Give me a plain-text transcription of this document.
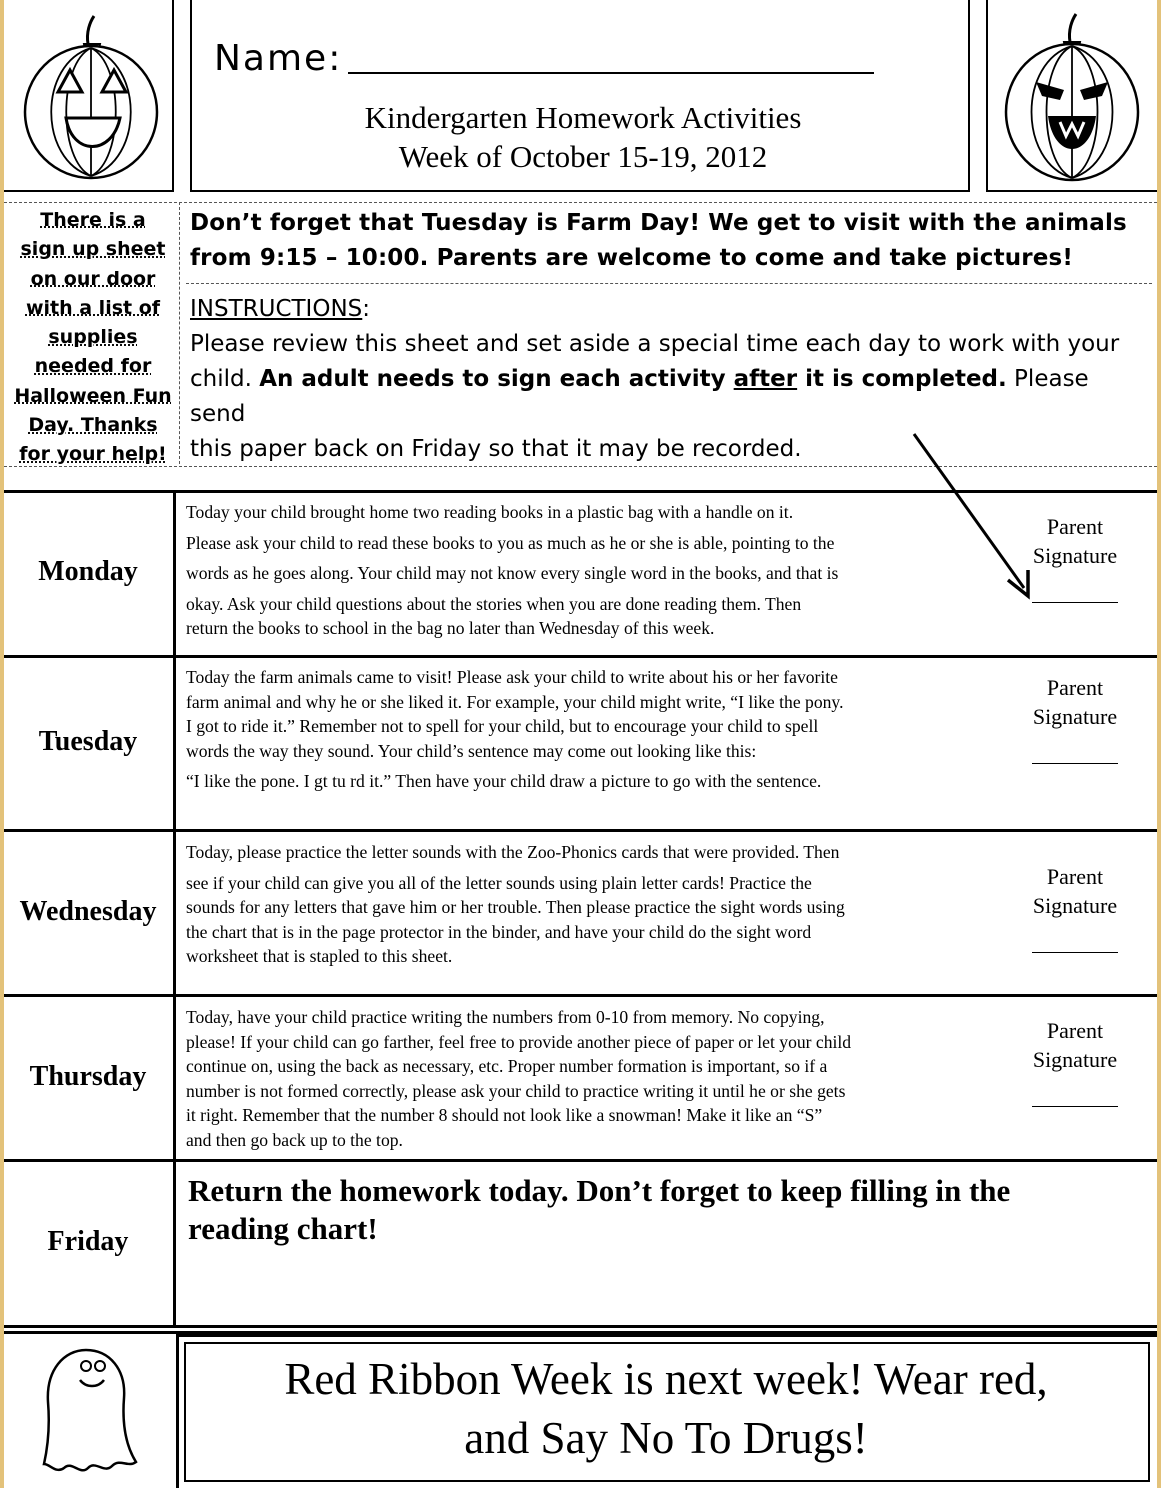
Name:
Kindergarten Homework Activities
Week of October 15-19, 2012
There is a
sign up sheet
on our door
with a list of
supplies
needed for
Halloween Fun
Day. Thanks
for your help!
Don’t forget that Tuesday is Farm Day! We get to visit with the animals
from 9:15 – 10:00. Parents are welcome to come and take pictures!
INSTRUCTIONS:
Please review this sheet and set aside a special time each day to work with your
child. An adult needs to sign each activity after it is completed. Please send
this paper back on Friday so that it may be recorded.
Monday
Today your child brought home two reading books in a plastic bag with a handle on it.
Please ask your child to read these books to you as much as he or she is able, pointing to the
words as he goes along. Your child may not know every single word in the books, and that is
okay. Ask your child questions about the stories when you are done reading them. Then
return the books to school in the bag no later than Wednesday of this week.
Parent
Signature
Tuesday
Today the farm animals came to visit! Please ask your child to write about his or her favorite
farm animal and why he or she liked it. For example, your child might write, “I like the pony.
I got to ride it.” Remember not to spell for your child, but to encourage your child to spell
words the way they sound. Your child’s sentence may come out looking like this:
“I like the pone. I gt tu rd it.” Then have your child draw a picture to go with the sentence.
Parent
Signature
Wednesday
Today, please practice the letter sounds with the Zoo-Phonics cards that were provided. Then
see if your child can give you all of the letter sounds using plain letter cards! Practice the
sounds for any letters that gave him or her trouble. Then please practice the sight words using
the chart that is in the page protector in the binder, and have your child do the sight word
worksheet that is stapled to this sheet.
Parent
Signature
Thursday
Today, have your child practice writing the numbers from 0-10 from memory. No copying,
please! If your child can go farther, feel free to provide another piece of paper or let your child
continue on, using the back as necessary, etc. Proper number formation is important, so if a
number is not formed correctly, please ask your child to practice writing it until he or she gets
it right. Remember that the number 8 should not look like a snowman! Make it like an “S”
and then go back up to the top.
Parent
Signature
Friday
Return the homework today. Don’t forget to keep filling in the
reading chart!
Red Ribbon Week is next week! Wear red,
and Say No To Drugs!
